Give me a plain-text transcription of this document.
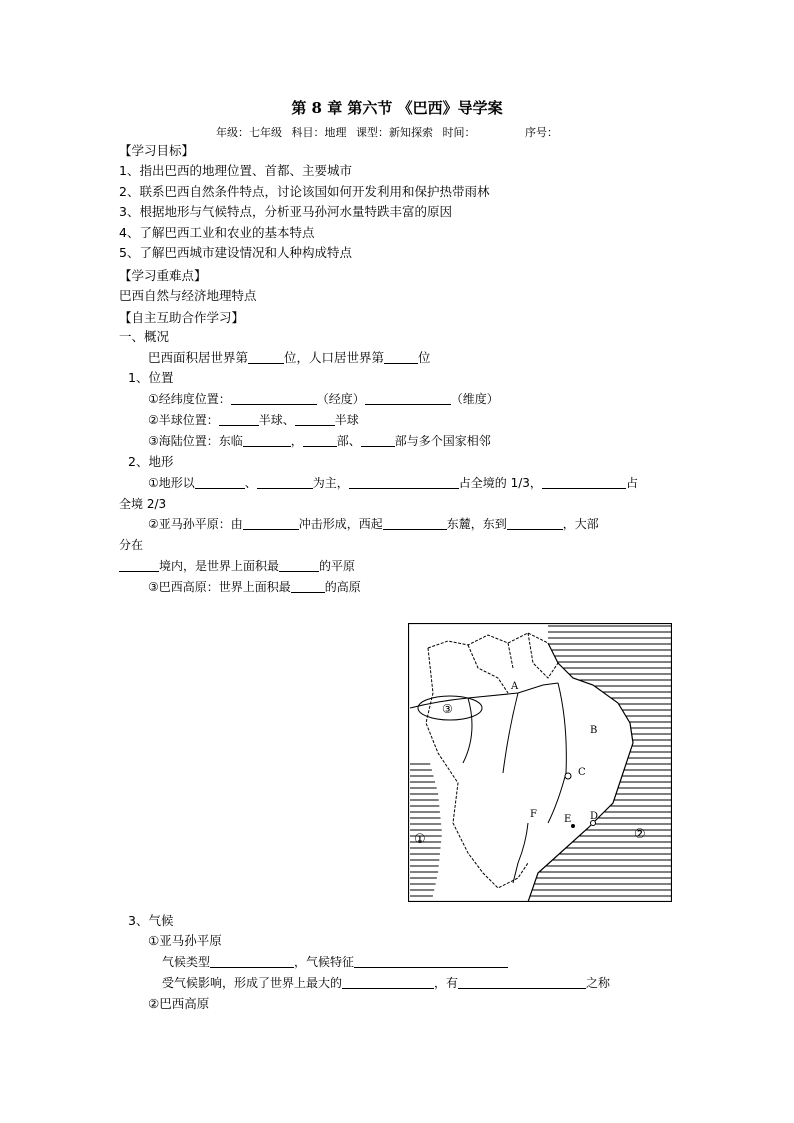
第 8 章 第六节 《巴西》导学案
年级：七年级 科目：地理 课型：新知探索 时间：	序号：
【学习目标】
1、指出巴西的地理位置、首都、主要城市
2、联系巴西自然条件特点，讨论该国如何开发利用和保护热带雨林
3、根据地形与气候特点，分析亚马孙河水量特跌丰富的原因
4、了解巴西工业和农业的基本特点
5、了解巴西城市建设情况和人种构成特点
【学习重难点】
巴西自然与经济地理特点
【自主互助合作学习】
一、概况
巴西面积居世界第	位，人口居世界第	位
1、位置
①经纬度位置：	（经度）	（维度）
②半球位置：	半球、	半球
③海陆位置：东临	，	部、	部与多个国家相邻
2、地形
①地形以	、	为主，	占全境的 1/3，	占
全境 2/3
②亚马孙平原：由	冲击形成，西起	东麓，东到	，大部
分在
境内，是世界上面积最	的平原
③巴西高原：世界上面积最	的高原
A
B
C
D
E
F
①	②
③
3、气候
①亚马孙平原
气候类型	，气候特征
受气候影响，形成了世界上最大的	，有	之称
②巴西高原
